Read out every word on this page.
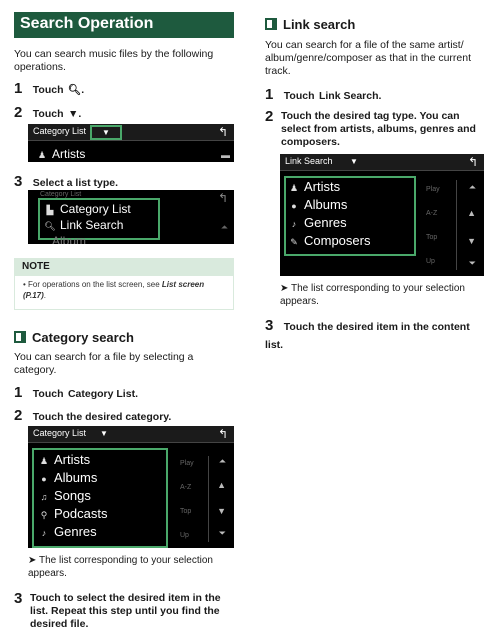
Search Operation
You can search music files by the following operations.
1 Touch 🔍︎.
2 Touch ▼.
Category List	▼	↰
♟ Artists	▬
3 Select a list type.
Category List	↰
▙ Category List
🔍︎ Link Search
Album
⏶
NOTE
• For operations on the list screen, see List screen (P.17).
Category search
You can search for a file by selecting a category.
1 Touch Category List.
2 Touch the desired category.
Category List ▼	↰
♟ Artists
● Albums
♫ Songs
⚲ Podcasts
♪ Genres
Play
A-Z
Top
Up
⏶
▲
▼
⏷
➤ The list corresponding to your selection appears.
3 Touch to select the desired item in the list. Repeat this step until you find the desired file.
Link search
You can search for a file of the same artist/ album/genre/composer as that in the current track.
1 Touch Link Search.
2 Touch the desired tag type. You can select from artists, albums, genres and composers.
Link Search ▼	↰
♟ Artists
● Albums
♪ Genres
✎ Composers
Play
A-Z
Top
Up
⏶
▲
▼
⏷
➤ The list corresponding to your selection appears.
3 Touch the desired item in the content list.
